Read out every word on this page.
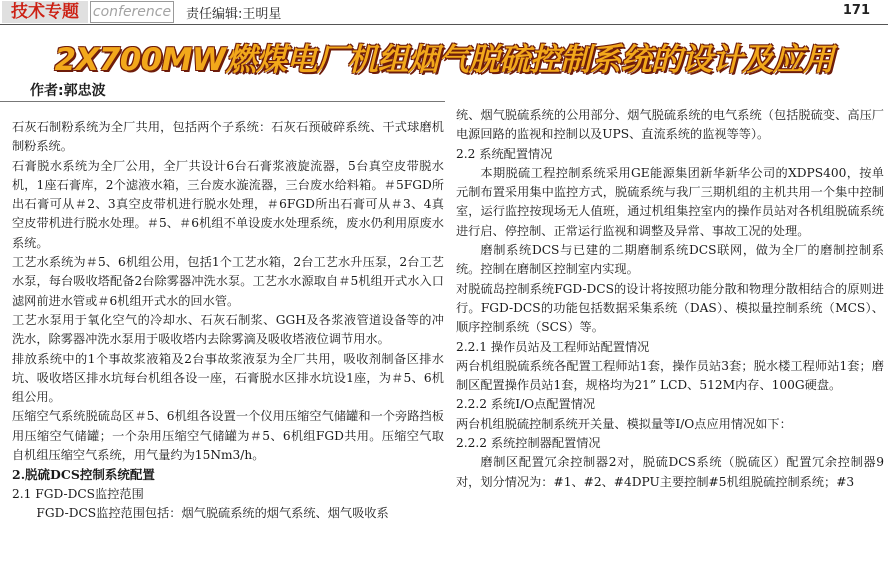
技术专题 conference 责任编辑:王明星	171
2X700MW燃煤电厂机组烟气脱硫控制系统的设计及应用
作者:郭忠波

石灰石制粉系统为全厂共用，包括两个子系统：石灰石预破碎系统、干式球磨机制粉系统。

石膏脱水系统为全厂公用，全厂共设计6台石膏浆液旋流器，5台真空皮带脱水机，1座石膏库，2个滤液水箱，三台废水漩流器，三台废水给料箱。＃5FGD所出石膏可从＃2、3真空皮带机进行脱水处理，＃6FGD所出石膏可从＃3、4真空皮带机进行脱水处理。＃5、＃6机组不单设废水处理系统，废水仍利用原废水系统。

工艺水系统为＃5、6机组公用，包括1个工艺水箱，2台工艺水升压泵，2台工艺水泵，每台吸收塔配备2台除雾器冲洗水泵。工艺水水源取自＃5机组开式水入口滤网前进水管或＃6机组开式水的回水管。

工艺水泵用于氧化空气的冷却水、石灰石制浆、GGH及各浆液管道设备等的冲洗水，除雾器冲洗水泵用于吸收塔内去除雾滴及吸收塔液位调节用水。

排放系统中的1个事故浆液箱及2台事故浆液泵为全厂共用，吸收剂制备区排水坑、吸收塔区排水坑每台机组各设一座，石膏脱水区排水坑设1座，为＃5、6机组公用。

压缩空气系统脱硫岛区＃5、6机组各设置一个仪用压缩空气储罐和一个旁路挡板用压缩空气储罐；一个杂用压缩空气储罐为＃5、6机组FGD共用。压缩空气取自机组压缩空气系统，用气量约为15Nm3/h。

2.脱硫DCS控制系统配置

2.1 FGD-DCS监控范围

FGD-DCS监控范围包括：烟气脱硫系统的烟气系统、烟气吸收系

统、烟气脱硫系统的公用部分、烟气脱硫系统的电气系统（包括脱硫变、高压厂电源回路的监视和控制以及UPS、直流系统的监视等等）。

2.2 系统配置情况

本期脱硫工程控制系统采用GE能源集团新华新华公司的XDPS400，按单元制布置采用集中监控方式，脱硫系统与我厂三期机组的主机共用一个集中控制室，运行监控按现场无人值班，通过机组集控室内的操作员站对各机组脱硫系统进行启、停控制、正常运行监视和调整及异常、事故工况的处理。

磨制系统DCS与已建的二期磨制系统DCS联网，做为全厂的磨制控制系统。控制在磨制区控制室内实现。

对脱硫岛控制系统FGD-DCS的设计将按照功能分散和物理分散相结合的原则进行。FGD-DCS的功能包括数据采集系统（DAS）、模拟量控制系统（MCS）、顺序控制系统（SCS）等。

2.2.1 操作员站及工程师站配置情况

两台机组脱硫系统各配置工程师站1套，操作员站3套；脱水楼工程师站1套；磨制区配置操作员站1套，规格均为21” LCD、512M内存、100G硬盘。

2.2.2 系统I/O点配置情况

两台机组脱硫控制系统开关量、模拟量等I/O点应用情况如下：

2.2.2 系统控制器配置情况

磨制区配置冗余控制器2对，脱硫DCS系统（脱硫区）配置冗余控制器9对，划分情况为：#1、#2、#4DPU主要控制#5机组脱硫控制系统；#3
